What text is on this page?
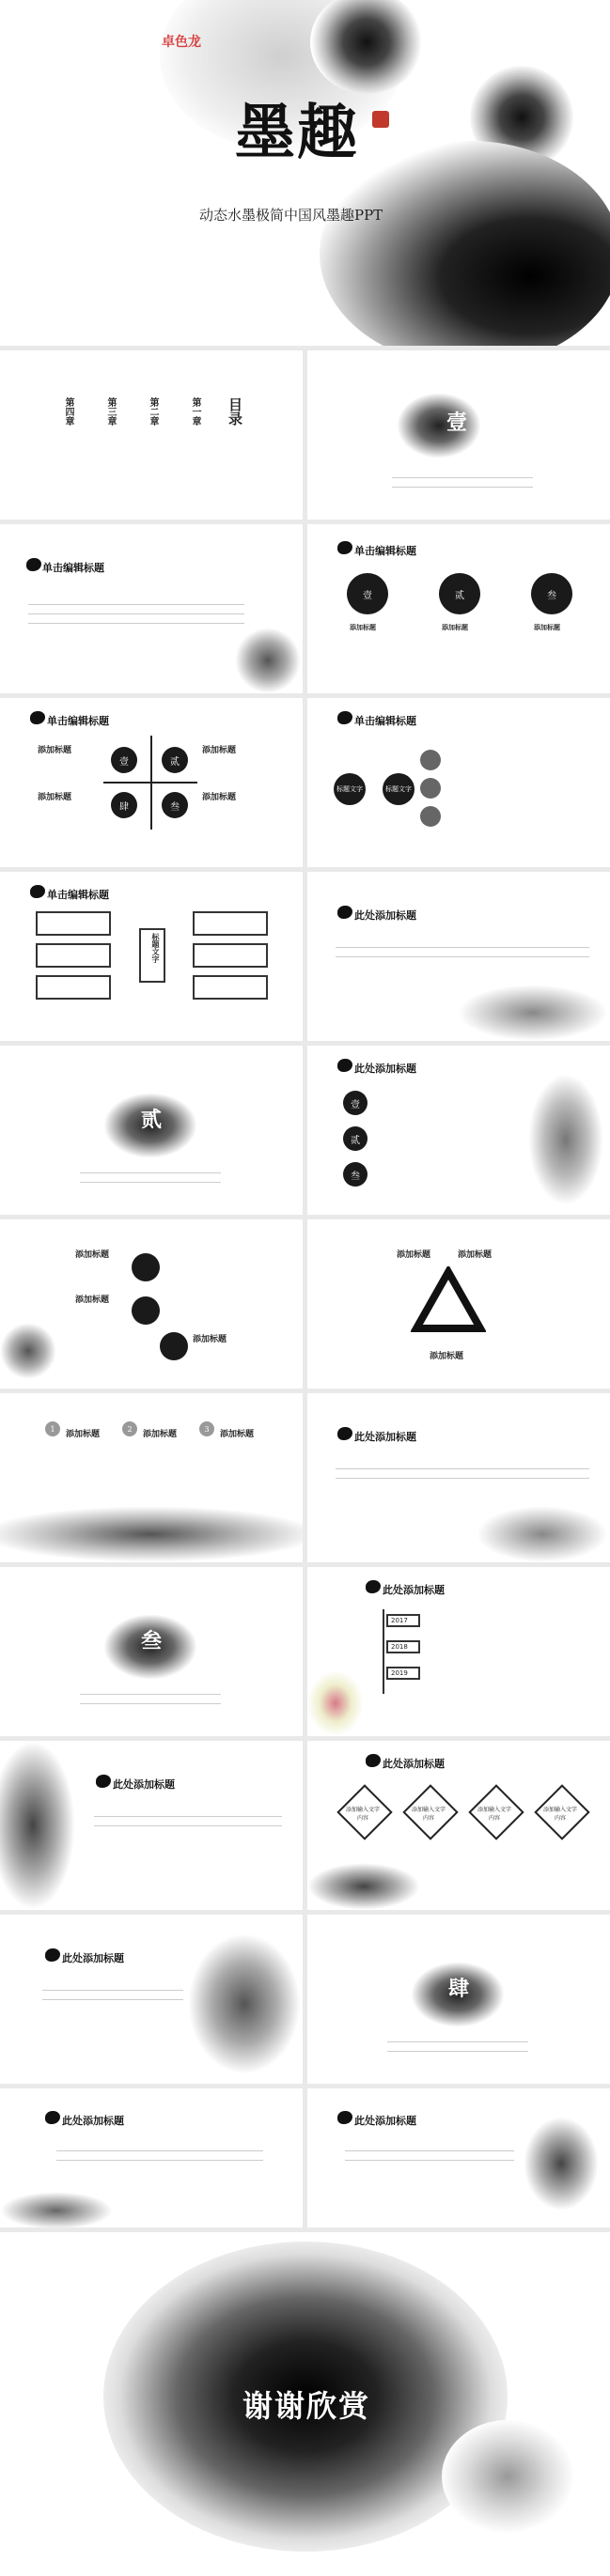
卓色龙
墨趣
动态水墨极简中国风墨趣PPT
目录
第一章
第二章
第三章
第四章	壹
单击编辑标题
单击编辑标题
壹	贰	叁
添加标题	添加标题	添加标题
单击编辑标题
壹	贰
肆	叁
添加标题	添加标题
添加标题	添加标题
单击编辑标题
标题文字	标题文字
单击编辑标题
标题文字
此处添加标题
贰
此处添加标题
壹
贰
叁
添加标题
添加标题
添加标题
添加标题	添加标题
添加标题
1	2	3
添加标题	添加标题	添加标题	此处添加标题
叁
此处添加标题
2017
2018
2019
此处添加标题
此处添加标题
添加输入文字内容
添加输入文字内容
添加输入文字内容
添加输入文字内容
此处添加标题
肆
此处添加标题	此处添加标题
谢谢欣赏
